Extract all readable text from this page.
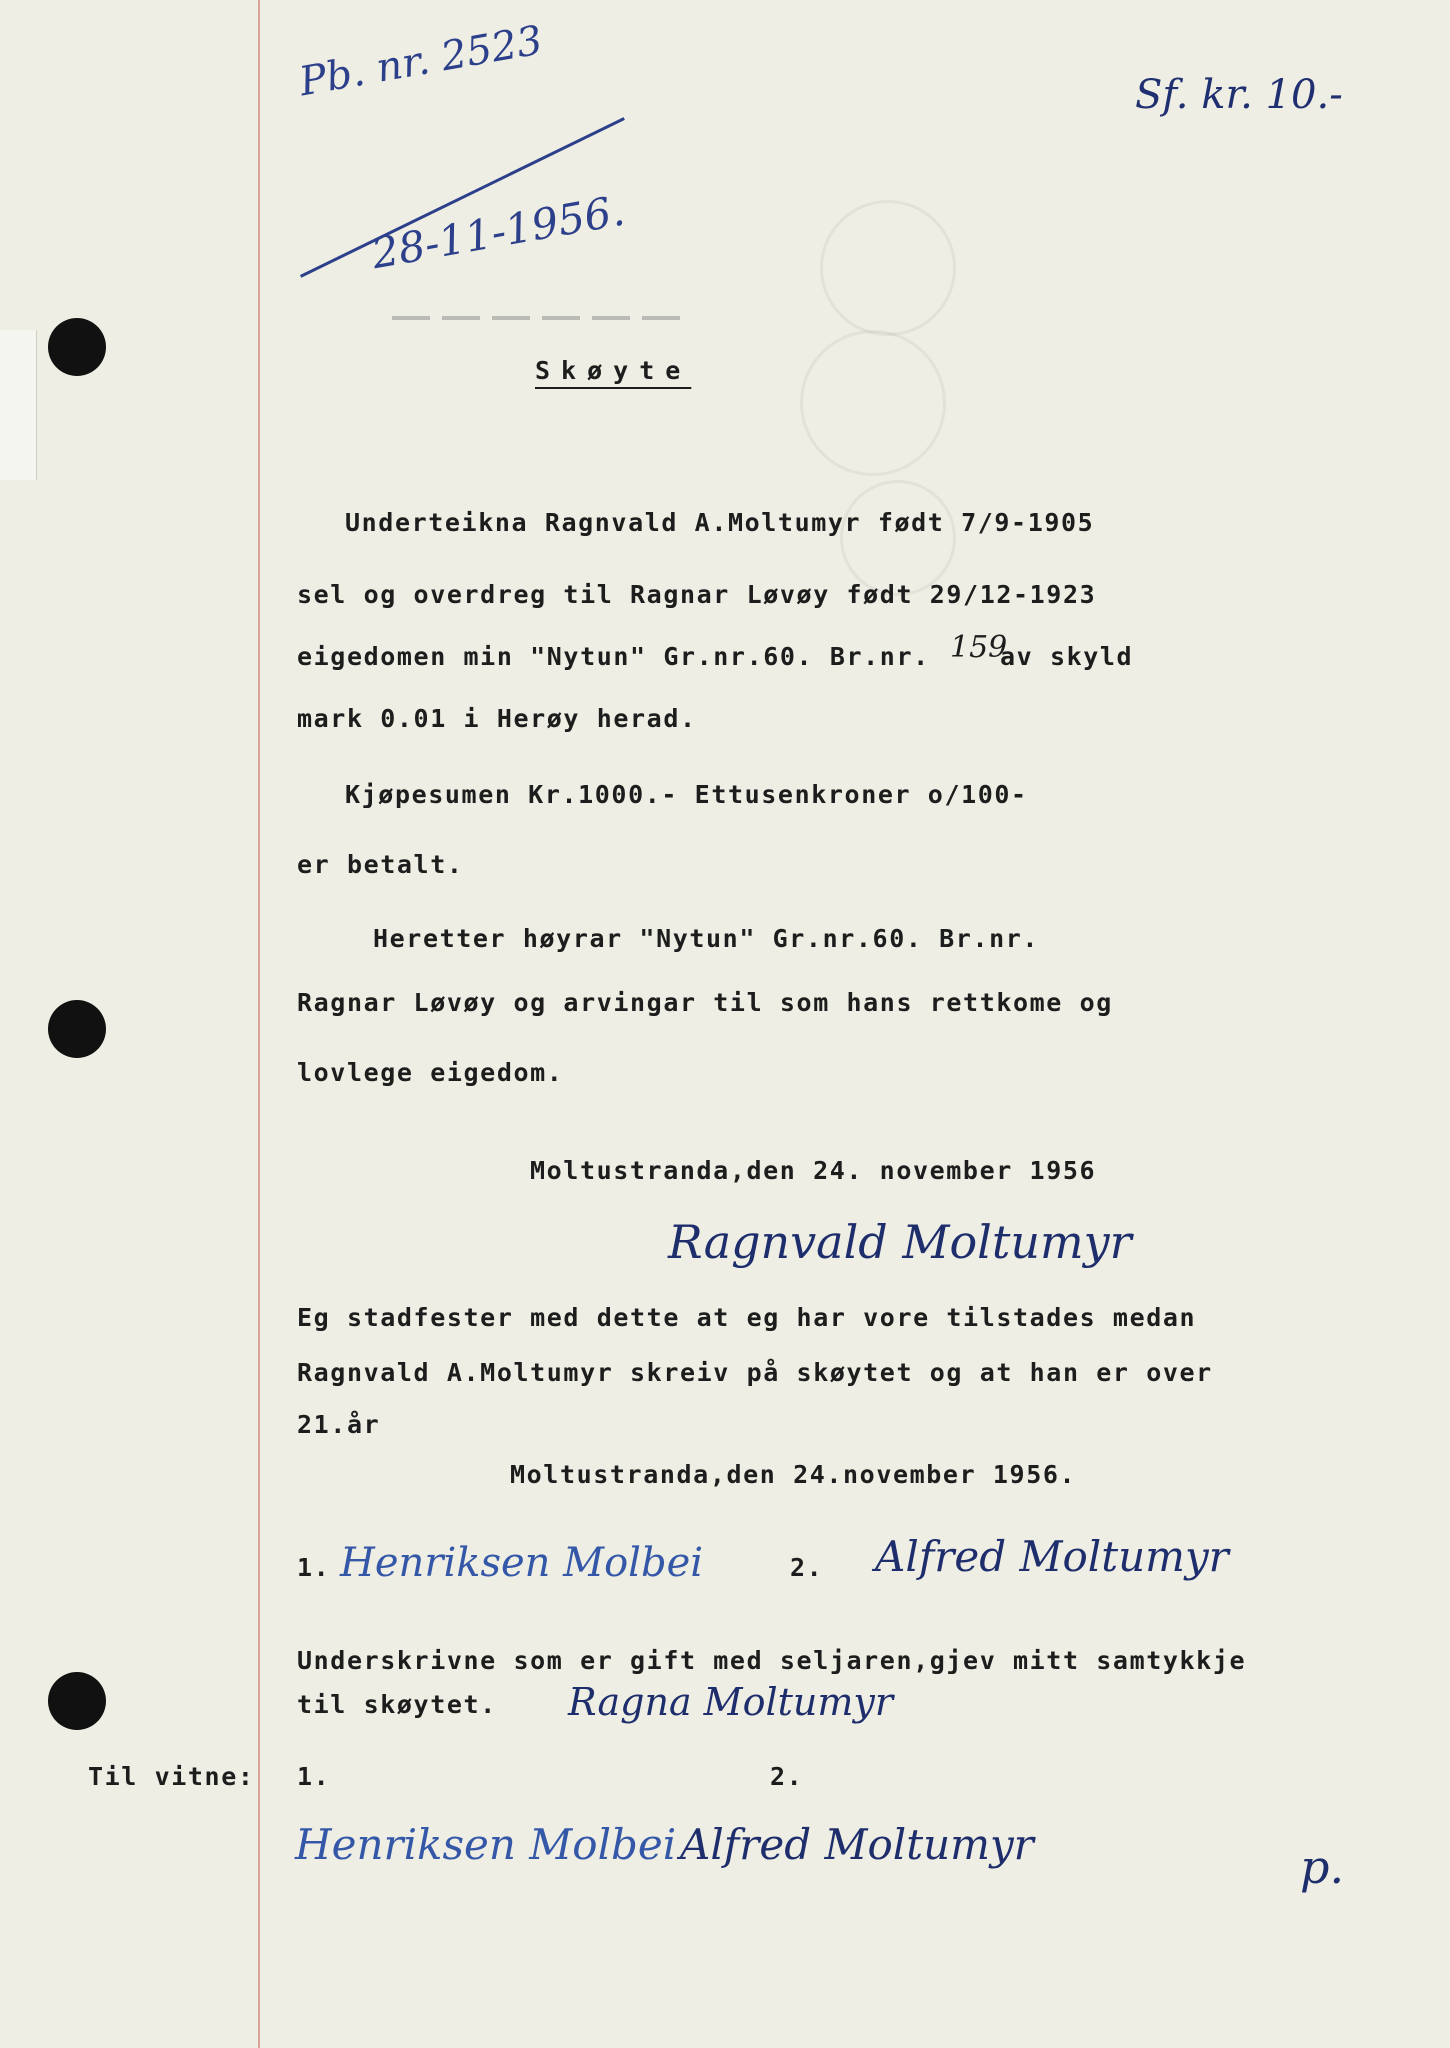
Pb. nr. 2523
28-11-1956.
Sf. kr. 10.-
Skøyte
Underteikna Ragnvald A.Moltumyr født 7/9-1905
sel og overdreg til Ragnar Løvøy født 29/12-1923
eigedomen min "Nytun" Gr.nr.60. Br.nr. 159
av skyld
mark 0.01 i Herøy herad.
Kjøpesumen Kr.1000.- Ettusenkroner o/100-
er betalt.
Heretter høyrar "Nytun" Gr.nr.60. Br.nr.
Ragnar Løvøy og arvingar til som hans rettkome og
lovlege eigedom.
Moltustranda,den 24. november 1956
Ragnvald Moltumyr
Eg stadfester med dette at eg har vore tilstades medan
Ragnvald A.Moltumyr skreiv på skøytet og at han er over
21.år
Moltustranda,den 24.november 1956.
1. Henriksen Molbei	2. Alfred Moltumyr
Underskrivne som er gift med seljaren,gjev mitt samtykkje
til skøytet. Ragna Moltumyr
Til vitne: 1.	2.
Henriksen Molbei Alfred Moltumyr	p.
